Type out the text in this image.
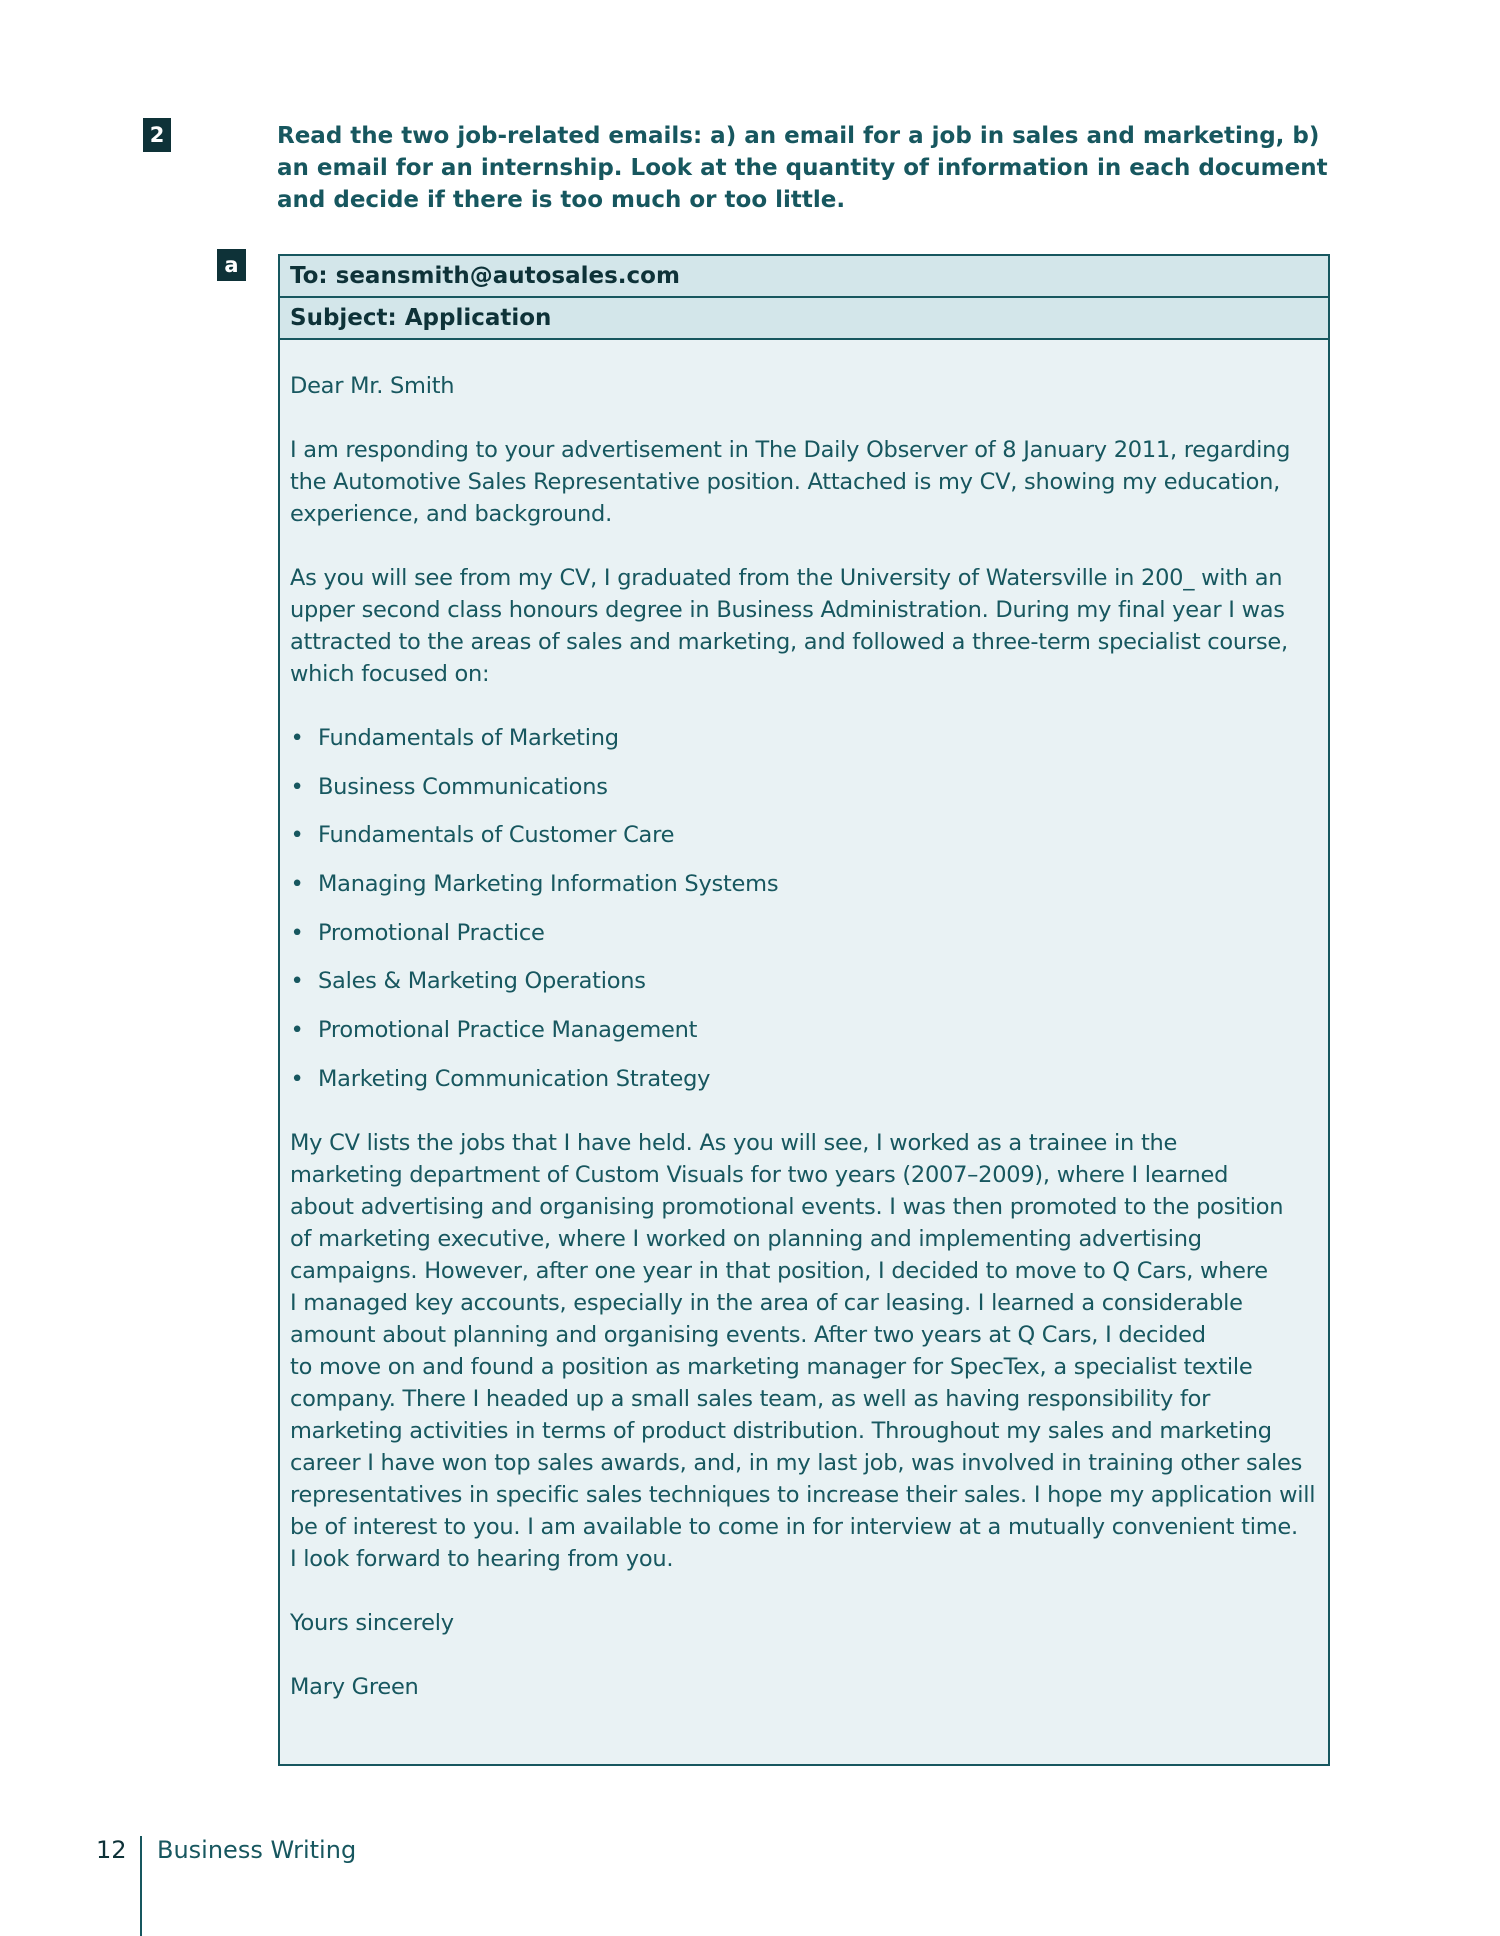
2	Read the two job-related emails: a) an email for a job in sales and marketing, b) an email for an internship. Look at the quantity of information in each document and decide if there is too much or too little.

a	To: seansmith@autosales.com
Subject: Application

Dear Mr. Smith

I am responding to your advertisement in The Daily Observer of 8 January 2011, regarding the Automotive Sales Representative position. Attached is my CV, showing my education, experience, and background.

As you will see from my CV, I graduated from the University of Watersville in 200_ with an upper second class honours degree in Business Administration. During my final year I was attracted to the areas of sales and marketing, and followed a three-term specialist course, which focused on:

• Fundamentals of Marketing
• Business Communications
• Fundamentals of Customer Care
• Managing Marketing Information Systems
• Promotional Practice
• Sales & Marketing Operations
• Promotional Practice Management
• Marketing Communication Strategy

My CV lists the jobs that I have held. As you will see, I worked as a trainee in the
marketing department of Custom Visuals for two years (2007–2009), where I learned
about advertising and organising promotional events. I was then promoted to the position
of marketing executive, where I worked on planning and implementing advertising
campaigns. However, after one year in that position, I decided to move to Q Cars, where
I managed key accounts, especially in the area of car leasing. I learned a considerable
amount about planning and organising events. After two years at Q Cars, I decided
to move on and found a position as marketing manager for SpecTex, a specialist textile
company. There I headed up a small sales team, as well as having responsibility for
marketing activities in terms of product distribution. Throughout my sales and marketing
career I have won top sales awards, and, in my last job, was involved in training other sales
representatives in specific sales techniques to increase their sales. I hope my application will
be of interest to you. I am available to come in for interview at a mutually convenient time.
I look forward to hearing from you.

Yours sincerely

Mary Green

12 Business Writing
